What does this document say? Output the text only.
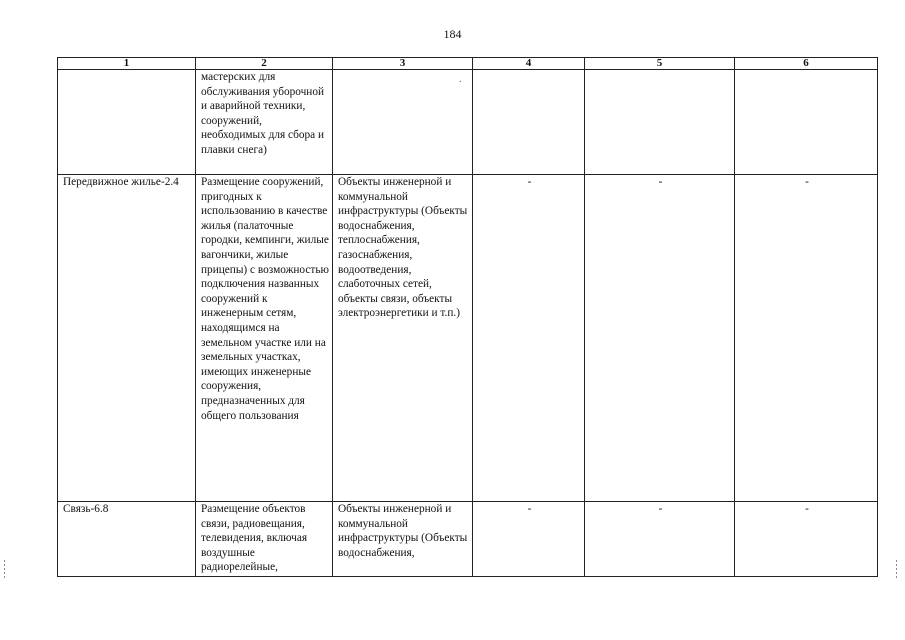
184
1	2	3	4	5	6
	мастерских для обслуживания уборочной и аварийной техники, сооружений, необходимых для сбора и плавки снега)				
Передвижное жилье-2.4	Размещение сооружений, пригодных к использованию в качестве жилья (палаточные городки, кемпинги, жилые вагончики, жилые прицепы) с возможностью подключения названных сооружений к инженерным сетям, находящимся на земельном участке или на земельных участках, имеющих инженерные сооружения, предназначенных для общего пользования	Объекты инженерной и коммунальной инфраструктуры (Объекты водоснабжения, теплоснабжения, газоснабжения, водоотведения, слаботочных сетей, объекты связи, объекты электроэнергетики и т.п.)	-	-	-
Связь-6.8	Размещение объектов связи, радиовещания, телевидения, включая воздушные радиорелейные,	Объекты инженерной и коммунальной инфраструктуры (Объекты водоснабжения,	-	-	-
.
